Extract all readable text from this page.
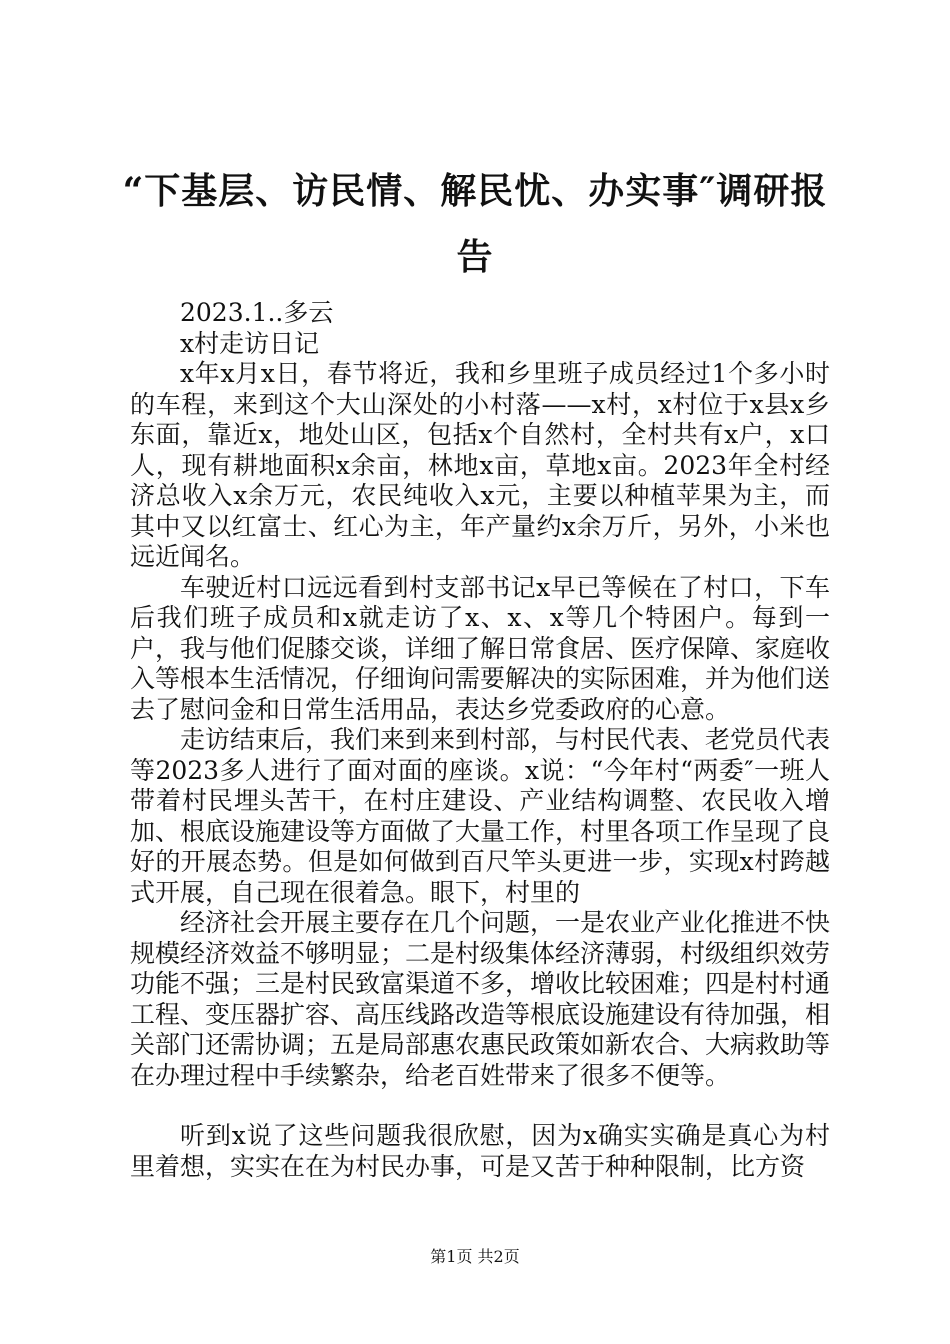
“下基层、访民情、解民忧、办实事″调研报告

2023.1..多云

x村走访日记

x年x月x日，春节将近，我和乡里班子成员经过1个多小时的车程，来到这个大山深处的小村落——x村，x村位于x县x乡东面，靠近x，地处山区，包括x个自然村，全村共有x户，x口人，现有耕地面积x余亩，林地x亩，草地x亩。2023年全村经济总收入x余万元，农民纯收入x元，主要以种植苹果为主，而其中又以红富士、红心为主，年产量约x余万斤，另外，小米也远近闻名。

车驶近村口远远看到村支部书记x早已等候在了村口，下车后我们班子成员和x就走访了x、x、x等几个特困户。每到一户，我与他们促膝交谈，详细了解日常食居、医疗保障、家庭收入等根本生活情况，仔细询问需要解决的实际困难，并为他们送去了慰问金和日常生活用品，表达乡党委政府的心意。

走访结束后，我们来到来到村部，与村民代表、老党员代表等2023多人进行了面对面的座谈。x说：“今年村“两委″一班人带着村民埋头苦干，在村庄建设、产业结构调整、农民收入增加、根底设施建设等方面做了大量工作，村里各项工作呈现了良好的开展态势。但是如何做到百尺竿头更进一步，实现x村跨越式开展，自己现在很着急。眼下，村里的

经济社会开展主要存在几个问题，一是农业产业化推进不快规模经济效益不够明显；二是村级集体经济薄弱，村级组织效劳功能不强；三是村民致富渠道不多，增收比较困难；四是村村通工程、变压器扩容、高压线路改造等根底设施建设有待加强，相关部门还需协调；五是局部惠农惠民政策如新农合、大病救助等在办理过程中手续繁杂，给老百姓带来了很多不便等。

听到x说了这些问题我很欣慰，因为x确实实确是真心为村里着想，实实在在为村民办事，可是又苦于种种限制，比方资

第1页 共2页
